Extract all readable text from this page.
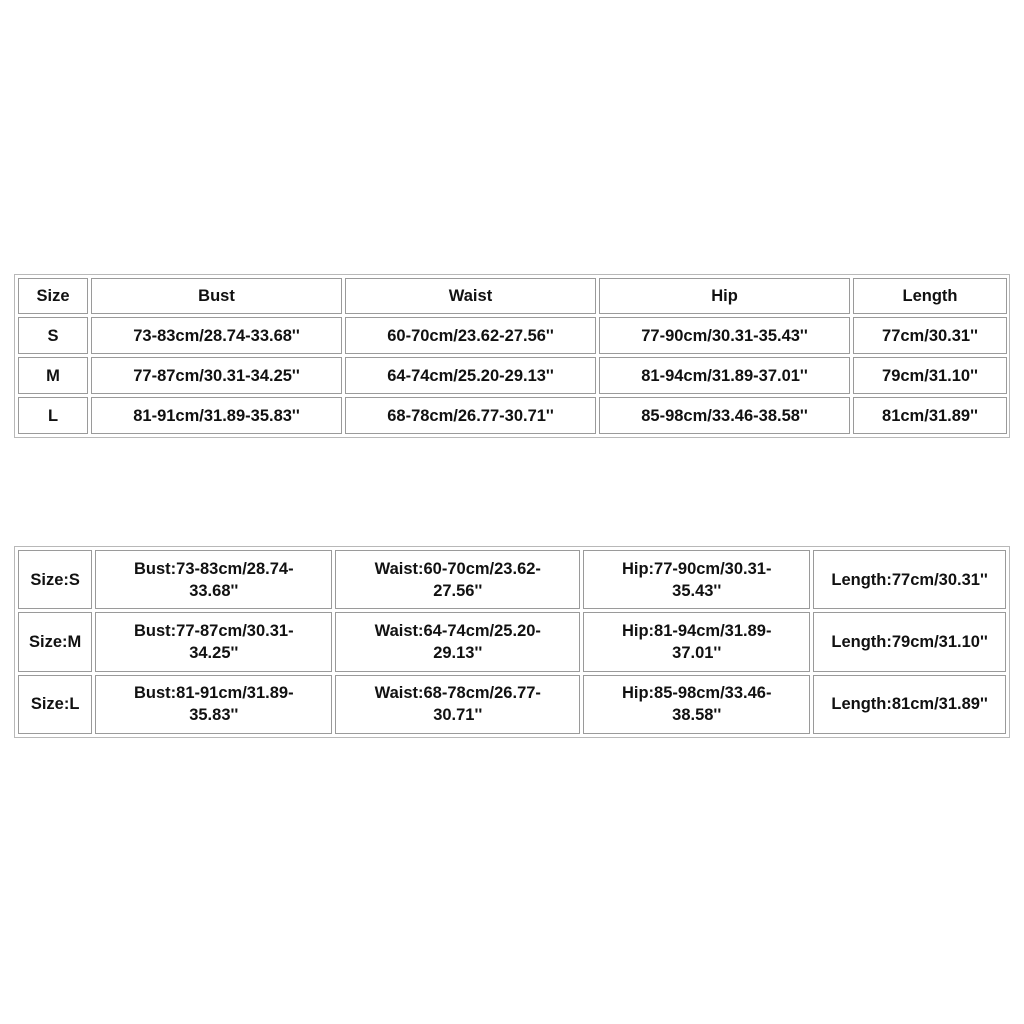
Size	Bust	Waist	Hip	Length
S	73-83cm/28.74-33.68''	60-70cm/23.62-27.56''	77-90cm/30.31-35.43''	77cm/30.31''
M	77-87cm/30.31-34.25''	64-74cm/25.20-29.13''	81-94cm/31.89-37.01''	79cm/31.10''
L	81-91cm/31.89-35.83''	68-78cm/26.77-30.71''	85-98cm/33.46-38.58''	81cm/31.89''
Size:S	Bust:73-83cm/28.74-33.68''	Waist:60-70cm/23.62-27.56''	Hip:77-90cm/30.31-35.43''	Length:77cm/30.31''
Size:M	Bust:77-87cm/30.31-34.25''	Waist:64-74cm/25.20-29.13''	Hip:81-94cm/31.89-37.01''	Length:79cm/31.10''
Size:L	Bust:81-91cm/31.89-35.83''	Waist:68-78cm/26.77-30.71''	Hip:85-98cm/33.46-38.58''	Length:81cm/31.89''
